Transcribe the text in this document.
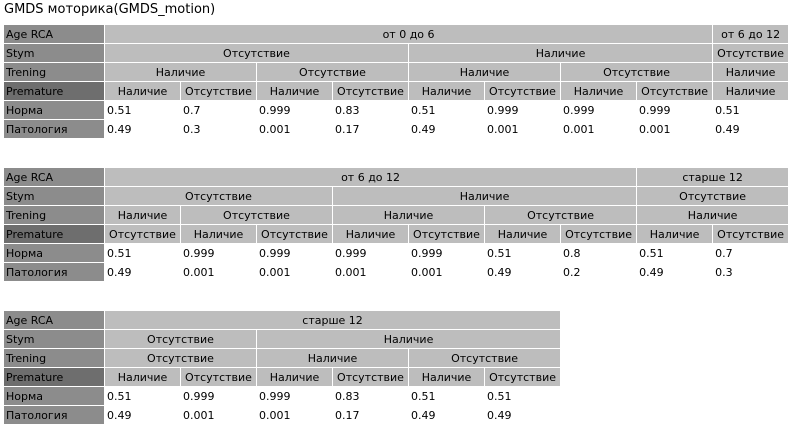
GMDS моторика(GMDS_motion)
Age RCA	от 0 до 6								от 6 до 12
Stym	Отсутствие				Наличие				Отсутствие
Trening	Наличие		Отсутствие		Наличие		Отсутствие		Наличие
Premature	Наличие	Отсутствие	Наличие	Отсутствие	Наличие	Отсутствие	Наличие	Отсутствие	Наличие
Норма	0.51	0.7	0.999	0.83	0.51	0.999	0.999	0.999	0.51
Патология	0.49	0.3	0.001	0.17	0.49	0.001	0.001	0.001	0.49
Age RCA	от 6 до 12							старше 12	
Stym	Отсутствие			Наличие				Отсутствие	
Trening	Наличие	Отсутствие		Наличие		Отсутствие		Наличие	
Premature	Отсутствие	Наличие	Отсутствие	Наличие	Отсутствие	Наличие	Отсутствие	Наличие	Отсутствие
Норма	0.51	0.999	0.999	0.999	0.999	0.51	0.8	0.51	0.7
Патология	0.49	0.001	0.001	0.001	0.001	0.49	0.2	0.49	0.3
Age RCA	старше 12					
Stym	Отсутствие		Наличие			
Trening	Отсутствие		Наличие		Отсутствие	
Premature	Наличие	Отсутствие	Наличие	Отсутствие	Наличие	Отсутствие
Норма	0.51	0.999	0.999	0.83	0.51	0.51
Патология	0.49	0.001	0.001	0.17	0.49	0.49
